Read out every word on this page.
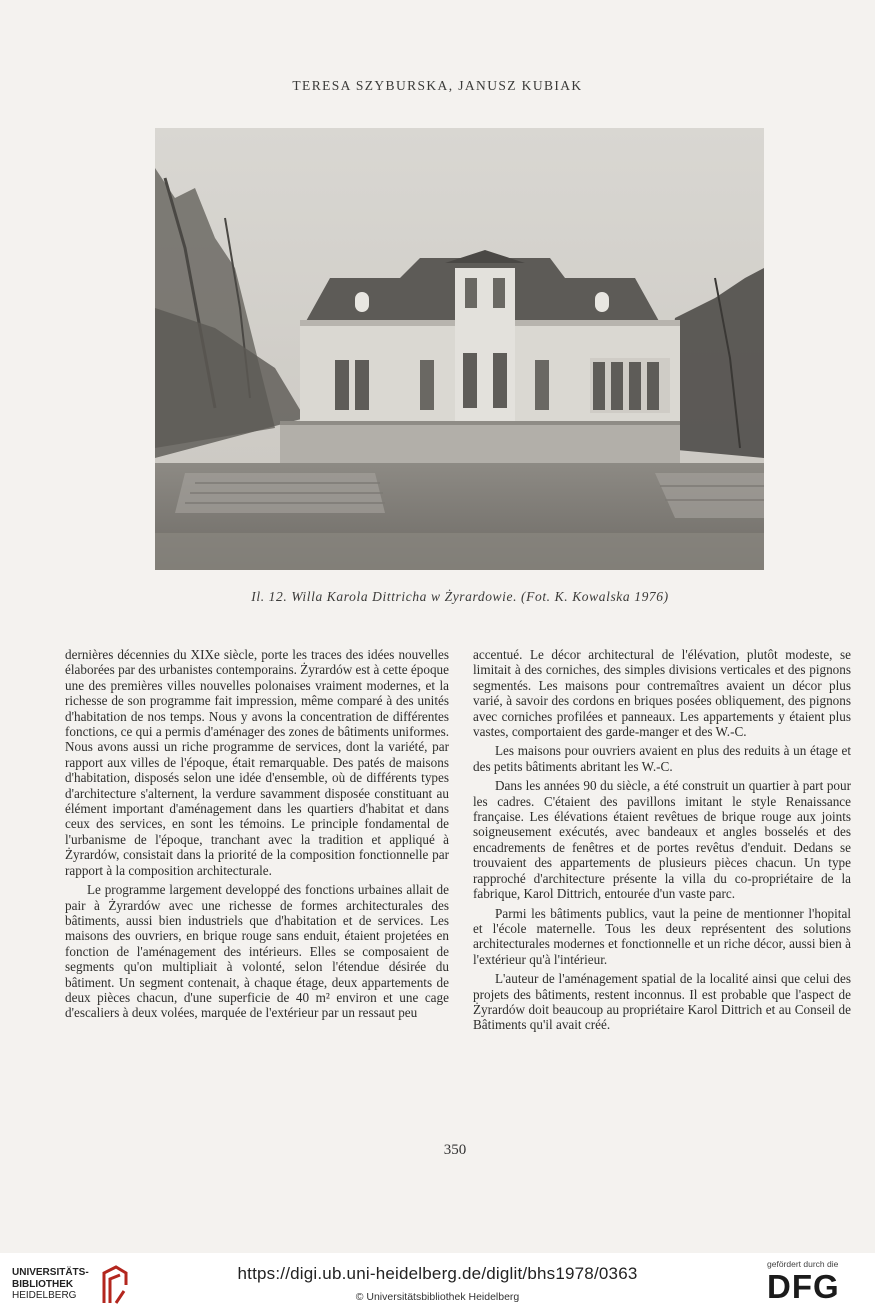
TERESA SZYBURSKA, JANUSZ KUBIAK
Il. 12. Willa Karola Dittricha w Żyrardowie. (Fot. K. Kowalska 1976)

dernières décennies du XIXe siècle, porte les traces des idées nouvelles élaborées par des urbanistes contemporains. Żyrardów est à cette époque une des premières villes nouvelles polonaises vraiment modernes, et la richesse de son programme fait impression, même comparé à des unités d'habitation de nos temps. Nous y avons la concentration de différentes fonctions, ce qui a permis d'aménager des zones de bâtiments uniformes. Nous avons aussi un riche programme de services, dont la variété, par rapport aux villes de l'époque, était remarquable. Des patés de maisons d'habitation, disposés selon une idée d'ensemble, où de différents types d'architecture s'alternent, la verdure savamment disposée constituant au élément important d'aménagement dans les quartiers d'habitat et dans ceux des services, en sont les témoins. Le principle fondamental de l'urbanisme de l'époque, tranchant avec la tradition et appliqué à Żyrardów, consistait dans la priorité de la composition fonctionnelle par rapport à la composition architecturale.

Le programme largement developpé des fonctions urbaines allait de pair à Żyrardów avec une richesse de formes architecturales des bâtiments, aussi bien industriels que d'habitation et de services. Les maisons des ouvriers, en brique rouge sans enduit, étaient projetées en fonction de l'aménagement des intérieurs. Elles se composaient de segments qu'on multipliait à volonté, selon l'étendue désirée du bâtiment. Un segment contenait, à chaque étage, deux appartements de deux pièces chacun, d'une superficie de 40 m² environ et une cage d'escaliers à deux volées, marquée de l'extérieur par un ressaut peu

accentué. Le décor architectural de l'élévation, plutôt modeste, se limitait à des corniches, des simples divisions verticales et des pignons segmentés. Les maisons pour contremaîtres avaient un décor plus varié, à savoir des cordons en briques posées obliquement, des pignons avec corniches profilées et panneaux. Les appartements y étaient plus vastes, comportaient des garde-manger et des W.-C.

Les maisons pour ouvriers avaient en plus des reduits à un étage et des petits bâtiments abritant les W.-C.

Dans les années 90 du siècle, a été construit un quartier à part pour les cadres. C'étaient des pavillons imitant le style Renaissance française. Les élévations étaient revêtues de brique rouge aux joints soigneusement exécutés, avec bandeaux et angles bosselés et des encadrements de fenêtres et de portes revêtus d'enduit. Dedans se trouvaient des appartements de plusieurs pièces chacun. Un type rapproché d'architecture présente la villa du co-propriétaire de la fabrique, Karol Dittrich, entourée d'un vaste parc.

Parmi les bâtiments publics, vaut la peine de mentionner l'hopital et l'école maternelle. Tous les deux représentent des solutions architecturales modernes et fonctionnelle et un riche décor, aussi bien à l'extérieur qu'à l'intérieur.

L'auteur de l'aménagement spatial de la localité ainsi que celui des projets des bâtiments, restent inconnus. Il est probable que l'aspect de Żyrardów doit beaucoup au propriétaire Karol Dittrich et au Conseil de Bâtiments qu'il avait créé.

350
UNIVERSITÄTS-
BIBLIOTHEK
HEIDELBERG
https://digi.ub.uni-heidelberg.de/diglit/bhs1978/0363
© Universitätsbibliothek Heidelberg
gefördert durch die
DFG
